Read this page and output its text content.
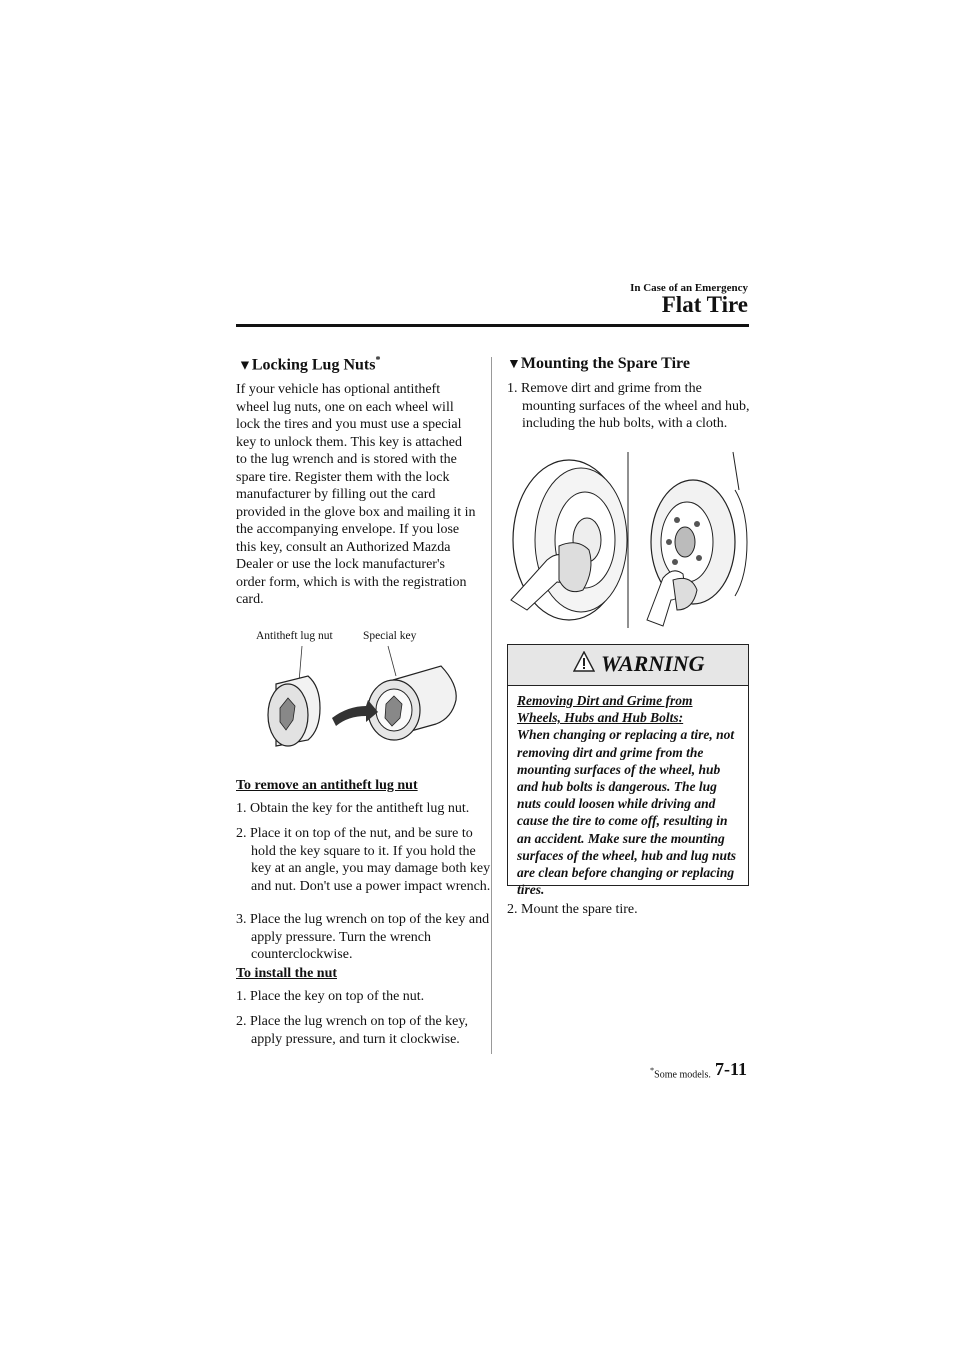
In Case of an Emergency
Flat Tire
▼Locking Lug Nuts*

If your vehicle has optional antitheft wheel lug nuts, one on each wheel will lock the tires and you must use a special key to unlock them. This key is attached to the lug wrench and is stored with the spare tire. Register them with the lock manufacturer by filling out the card provided in the glove box and mailing it in the accompanying envelope. If you lose this key, consult an Authorized Mazda Dealer or use the lock manufacturer's order form, which is with the registration card.

Antitheft lug nut	Special key
To remove an antitheft lug nut
1. Obtain the key for the antitheft lug nut.
2. Place it on top of the nut, and be sure to hold the key square to it. If you hold the key at an angle, you may damage both key and nut. Don't use a power impact wrench.
3. Place the lug wrench on top of the key and apply pressure. Turn the wrench counterclockwise.
To install the nut
1. Place the key on top of the nut.
2. Place the lug wrench on top of the key, apply pressure, and turn it clockwise.
▼Mounting the Spare Tire
1. Remove dirt and grime from the mounting surfaces of the wheel and hub, including the hub bolts, with a cloth.
WARNING
Removing Dirt and Grime from Wheels, Hubs and Hub Bolts:
When changing or replacing a tire, not removing dirt and grime from the mounting surfaces of the wheel, hub and hub bolts is dangerous. The lug nuts could loosen while driving and cause the tire to come off, resulting in an accident. Make sure the mounting surfaces of the wheel, hub and lug nuts are clean before changing or replacing tires.
2. Mount the spare tire.
*Some models. 7-11
